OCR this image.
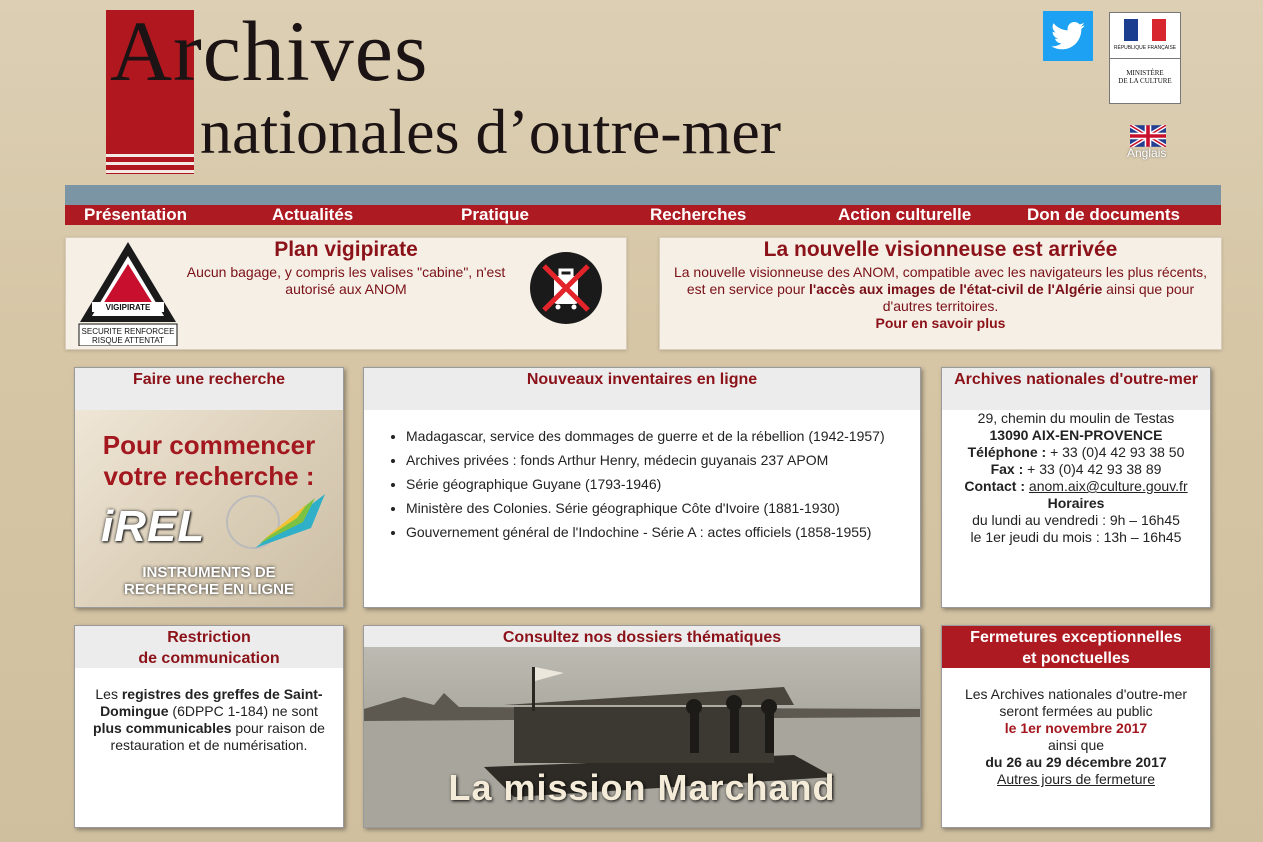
Archives
nationales d’outre-mer
RÉPUBLIQUE FRANÇAISE
MINISTÈRE
DE LA CULTURE
Anglais
Présentation	Actualités	Pratique	Recherches	Action culturelle	Don de documents
VIGIPIRATE
SECURITE RENFORCEE
RISQUE ATTENTAT
Plan vigipirate

Aucun bagage, y compris les valises "cabine", n'est autorisé aux ANOM

La nouvelle visionneuse est arrivée

La nouvelle visionneuse des ANOM, compatible avec les navigateurs les plus récents, est en service pour l'accès aux images de l'état-civil de l'Algérie ainsi que pour d'autres territoires.

Pour en savoir plus

Faire une recherche
Pour commencer votre recherche :
iREL
INSTRUMENTS DE
RECHERCHE EN LIGNE
Nouveaux inventaires en ligne
• Madagascar, service des dommages de guerre et de la rébellion (1942-1957)
• Archives privées : fonds Arthur Henry, médecin guyanais 237 APOM
• Série géographique Guyane (1793-1946)
• Ministère des Colonies. Série géographique Côte d'Ivoire (1881-1930)
• Gouvernement général de l'Indochine - Série A : actes officiels (1858-1955)
Archives nationales d'outre-mer
29, chemin du moulin de Testas
13090 AIX-EN-PROVENCE
Téléphone : + 33 (0)4 42 93 38 50
Fax : + 33 (0)4 42 93 38 89
Contact : anom.aix@culture.gouv.fr
Horaires
du lundi au vendredi : 9h – 16h45
le 1er jeudi du mois : 13h – 16h45
Restriction
de communication
Les registres des greffes de Saint-Domingue (6DPPC 1-184) ne sont plus communicables pour raison de restauration et de numérisation.
Consultez nos dossiers thématiques
La mission Marchand
Fermetures exceptionnelles
et ponctuelles
Les Archives nationales d'outre-mer
seront fermées au public
le 1er novembre 2017
ainsi que
du 26 au 29 décembre 2017
Autres jours de fermeture
